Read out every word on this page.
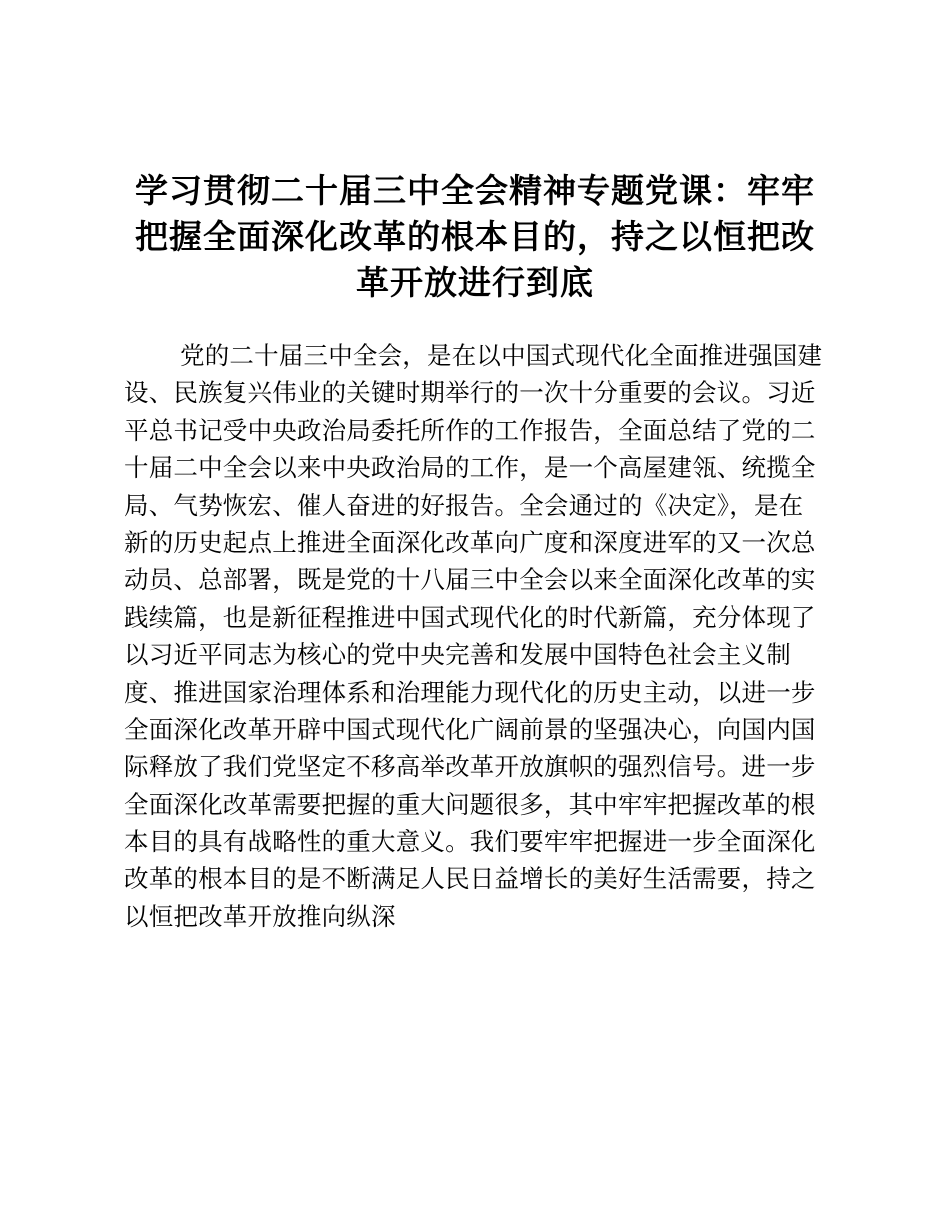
学习贯彻二十届三中全会精神专题党课：牢牢
把握全面深化改革的根本目的，持之以恒把改
革开放进行到底
党的二十届三中全会，是在以中国式现代化全面推进强国建
设、民族复兴伟业的关键时期举行的一次十分重要的会议。习近
平总书记受中央政治局委托所作的工作报告，全面总结了党的二
十届二中全会以来中央政治局的工作，是一个高屋建瓴、统揽全
局、气势恢宏、催人奋进的好报告。全会通过的《决定》，是在
新的历史起点上推进全面深化改革向广度和深度进军的又一次总
动员、总部署，既是党的十八届三中全会以来全面深化改革的实
践续篇，也是新征程推进中国式现代化的时代新篇，充分体现了
以习近平同志为核心的党中央完善和发展中国特色社会主义制
度、推进国家治理体系和治理能力现代化的历史主动，以进一步
全面深化改革开辟中国式现代化广阔前景的坚强决心，向国内国
际释放了我们党坚定不移高举改革开放旗帜的强烈信号。进一步
全面深化改革需要把握的重大问题很多，其中牢牢把握改革的根
本目的具有战略性的重大意义。我们要牢牢把握进一步全面深化
改革的根本目的是不断满足人民日益增长的美好生活需要，持之
以恒把改革开放推向纵深
